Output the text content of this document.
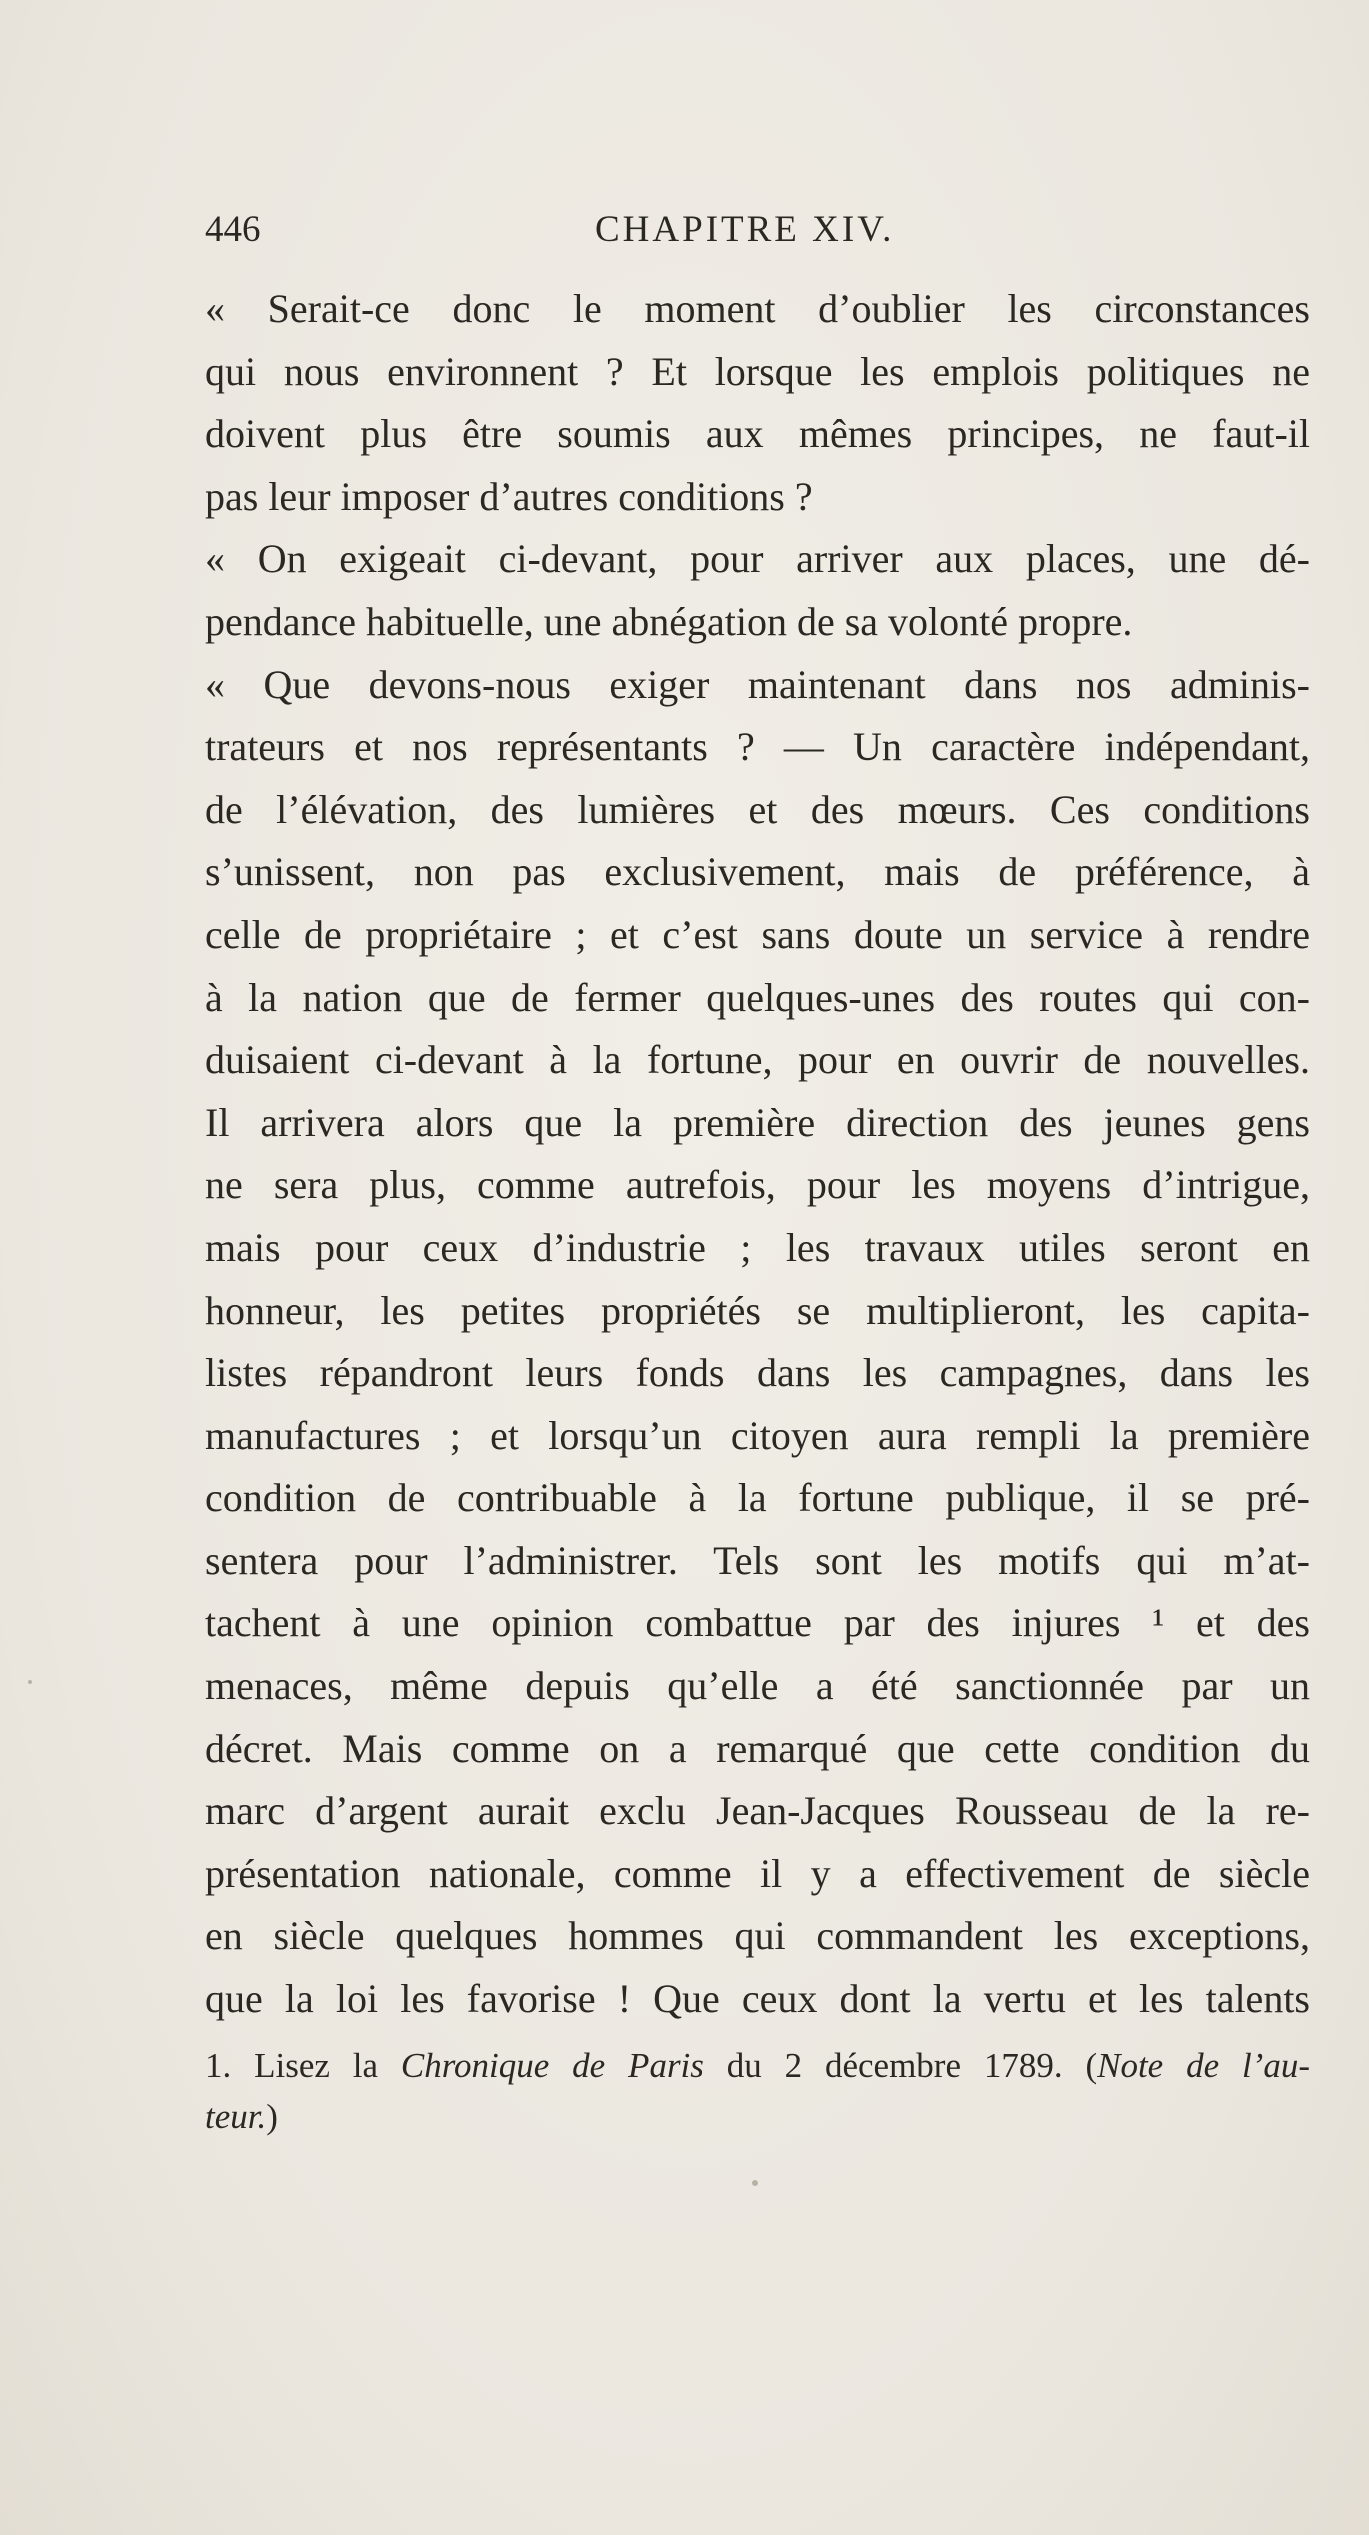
446	CHAPITRE XIV.
« Serait-ce donc le moment d’oublier les circonstances
qui nous environnent ? Et lorsque les emplois politiques ne
doivent plus être soumis aux mêmes principes, ne faut-il
pas leur imposer d’autres conditions ?
« On exigeait ci-devant, pour arriver aux places, une dé-
pendance habituelle, une abnégation de sa volonté propre.
« Que devons-nous exiger maintenant dans nos adminis-
trateurs et nos représentants ? — Un caractère indépendant,
de l’élévation, des lumières et des mœurs. Ces conditions
s’unissent, non pas exclusivement, mais de préférence, à
celle de propriétaire ; et c’est sans doute un service à rendre
à la nation que de fermer quelques-unes des routes qui con-
duisaient ci-devant à la fortune, pour en ouvrir de nouvelles.
Il arrivera alors que la première direction des jeunes gens
ne sera plus, comme autrefois, pour les moyens d’intrigue,
mais pour ceux d’industrie ; les travaux utiles seront en
honneur, les petites propriétés se multiplieront, les capita-
listes répandront leurs fonds dans les campagnes, dans les
manufactures ; et lorsqu’un citoyen aura rempli la première
condition de contribuable à la fortune publique, il se pré-
sentera pour l’administrer. Tels sont les motifs qui m’at-
tachent à une opinion combattue par des injures ¹ et des
menaces, même depuis qu’elle a été sanctionnée par un
décret. Mais comme on a remarqué que cette condition du
marc d’argent aurait exclu Jean-Jacques Rousseau de la re-
présentation nationale, comme il y a effectivement de siècle
en siècle quelques hommes qui commandent les exceptions,
que la loi les favorise ! Que ceux dont la vertu et les talents
1. Lisez la Chronique de Paris du 2 décembre 1789. (Note de l’au-
teur.)
